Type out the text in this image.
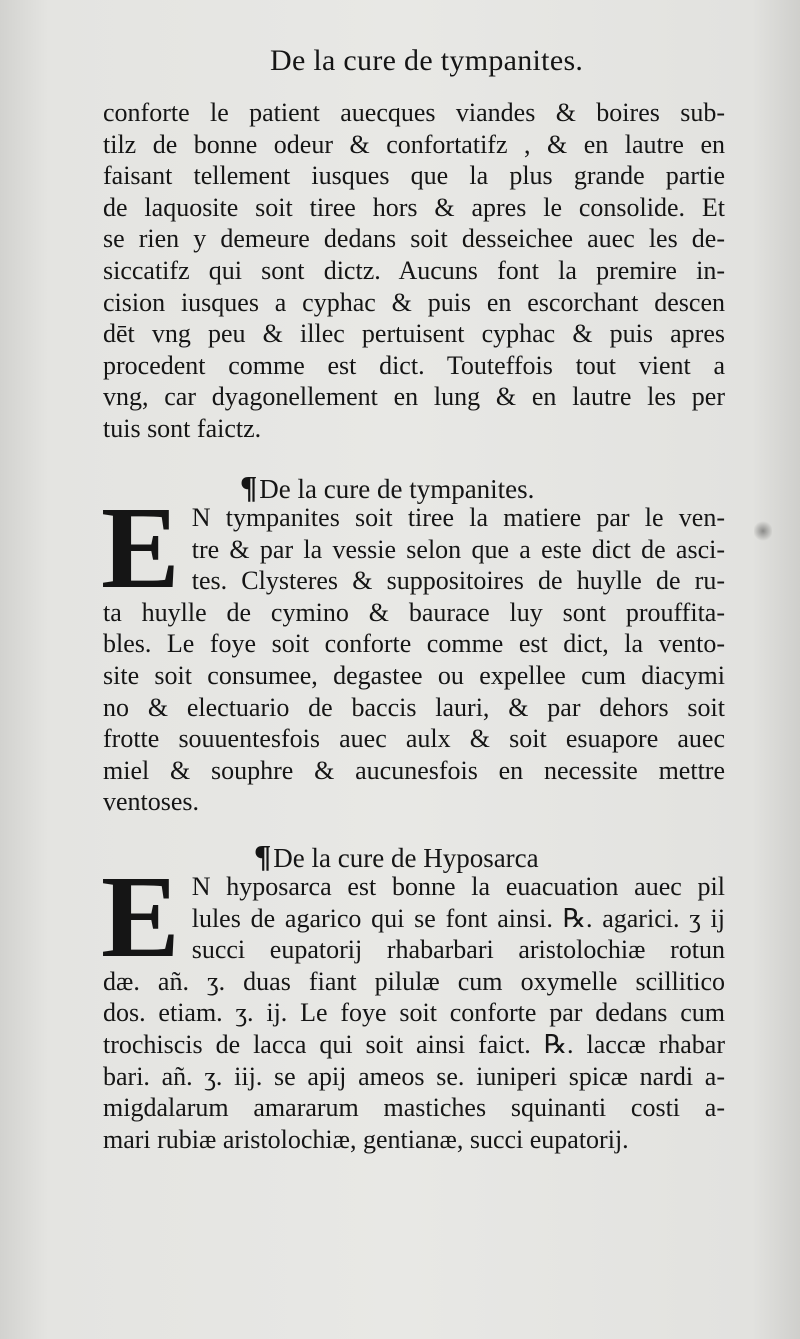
De la cure de tympanites.
conforte le patient auecques viandes & boires sub-
tilz de bonne odeur & confortatifz , & en lautre en
faisant tellement iusques que la plus grande partie
de laquosite soit tiree hors & apres le consolide. Et
se rien y demeure dedans soit desseichee auec les de-
siccatifz qui sont dictz. Aucuns font la premire in-
cision iusques a cyphac & puis en escorchant descen
dēt vng peu & illec pertuisent cyphac & puis apres
procedent comme est dict. Touteffois tout vient a
vng, car dyagonellement en lung & en lautre les per
tuis sont faictz.
¶De la cure de tympanites.
E N tympanites soit tiree la matiere par le ven-
tre & par la vessie selon que a este dict de asci-
tes. Clysteres & suppositoires de huylle de ru-
ta huylle de cymino & baurace luy sont prouffita-
bles. Le foye soit conforte comme est dict, la vento-
site soit consumee, degastee ou expellee cum diacymi
no & electuario de baccis lauri, & par dehors soit
frotte souuentesfois auec aulx & soit esuapore auec
miel & souphre & aucunesfois en necessite mettre
ventoses.
¶De la cure de Hyposarca
E N hyposarca est bonne la euacuation auec pil
lules de agarico qui se font ainsi. ℞. agarici. ʒ ij
succi eupatorij rhabarbari aristolochiæ rotun
dæ. añ. ʒ. duas fiant pilulæ cum oxymelle scillitico
dos. etiam. ʒ. ij. Le foye soit conforte par dedans cum
trochiscis de lacca qui soit ainsi faict. ℞. laccæ rhabar
bari. añ. ʒ. iij. se apij ameos se. iuniperi spicæ nardi a-
migdalarum amararum mastiches squinanti costi a-
mari rubiæ aristolochiæ, gentianæ, succi eupatorij.
